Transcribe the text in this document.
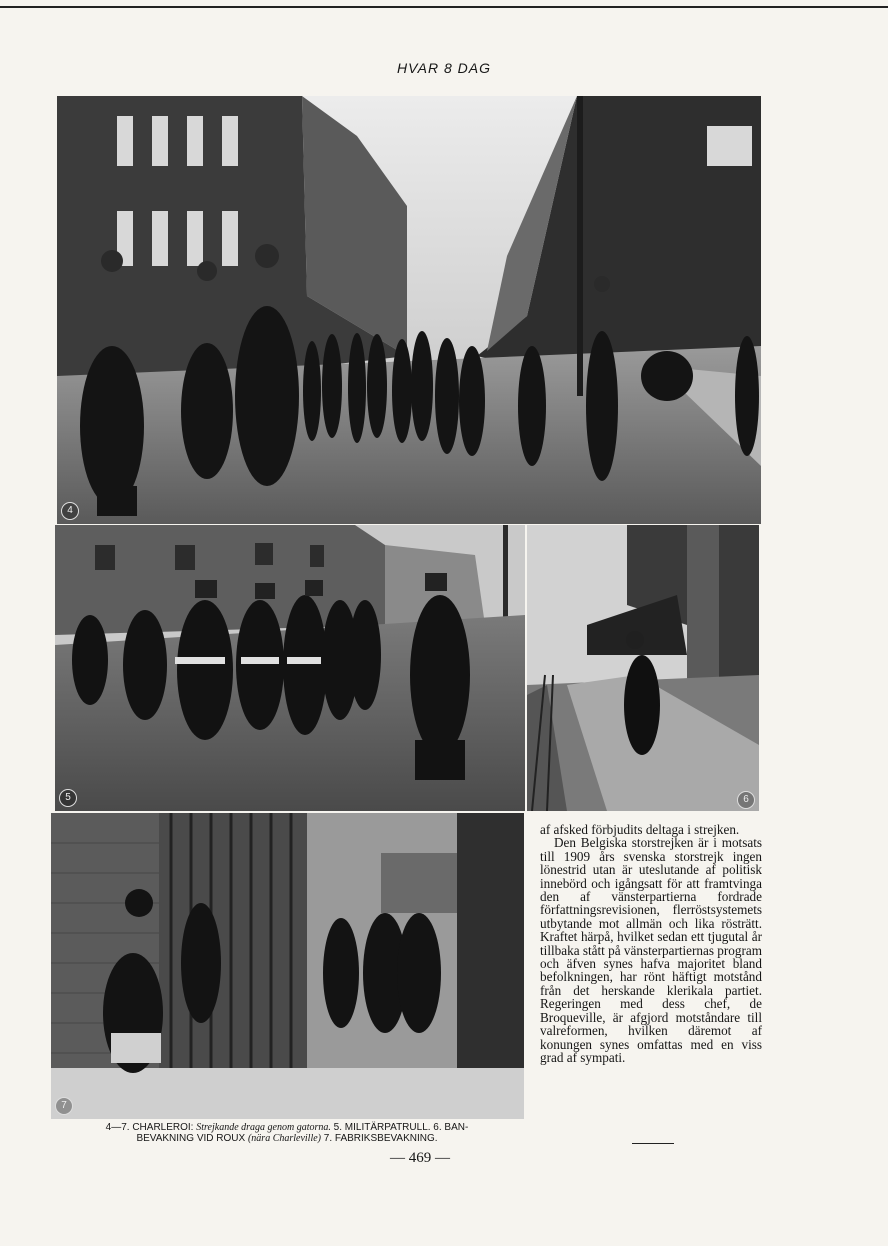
HVAR 8 DAG
4
5	6
7
4—7. CHARLEROI: Strejkande draga genom gatorna. 5. MILITÄRPATRULL. 6. BAN-
BEVAKNING VID ROUX (nära Charleville) 7. FABRIKSBEVAKNING.
— 469 —

af afsked förbjudits deltaga i strejken.

Den Belgiska storstrejken är i motsats till 1909 års svenska storstrejk ingen lönestrid utan är uteslutande af politisk innebörd och igångsatt för att framtvinga den af vänsterpartierna fordrade författningsrevisionen, flerröstsystemets utbytande mot allmän och lika rösträtt. Kraftet härpå, hvilket sedan ett tjugutal år tillbaka stått på vänsterpartiernas program och äfven synes hafva majoritet bland befolkningen, har rönt häftigt motstånd från det herskande klerikala partiet. Regeringen med dess chef, de Broqueville, är afgjord motståndare till valreformen, hvilken däremot af konungen synes omfattas med en viss grad af sympati.
